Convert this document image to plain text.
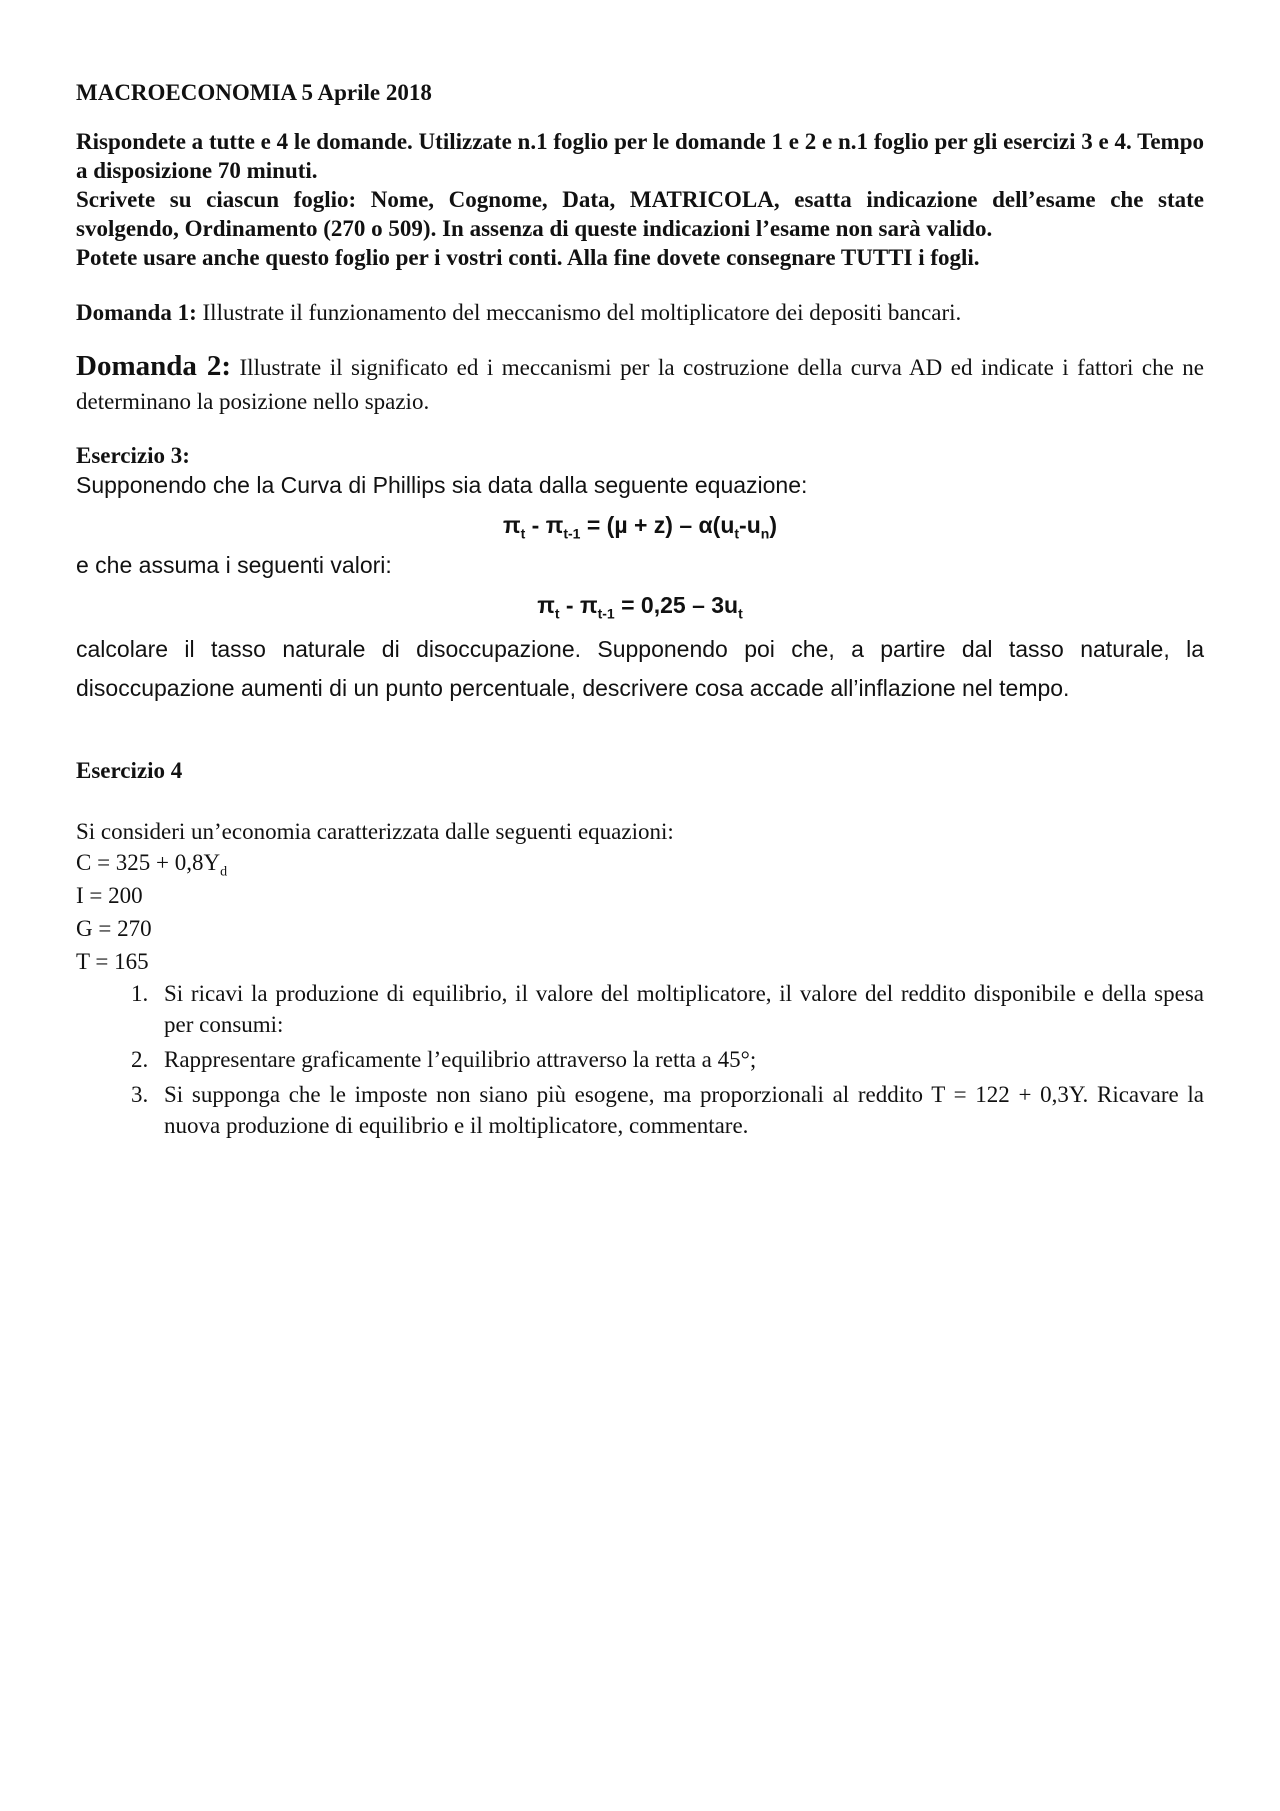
MACROECONOMIA 5 Aprile 2018

Rispondete a tutte e 4 le domande. Utilizzate n.1 foglio per le domande 1 e 2 e n.1 foglio per gli esercizi 3 e 4. Tempo a disposizione 70 minuti.

Scrivete su ciascun foglio: Nome, Cognome, Data, MATRICOLA, esatta indicazione dell’esame che state svolgendo, Ordinamento (270 o 509). In assenza di queste indicazioni l’esame non sarà valido.

Potete usare anche questo foglio per i vostri conti. Alla fine dovete consegnare TUTTI i fogli.

Domanda 1: Illustrate il funzionamento del meccanismo del moltiplicatore dei depositi bancari.
Domanda 2: Illustrate il significato ed i meccanismi per la costruzione della curva AD ed indicate i fattori che ne determinano la posizione nello spazio.
Esercizio 3:
Supponendo che la Curva di Phillips sia data dalla seguente equazione:
$\pi_t - \pi_{t-1} = (\mu + z) - \alpha(u_t-u_n)$
e che assuma i seguenti valori:
$\pi_t - \pi_{t-1} = 0,25 - 3u_t$
calcolare il tasso naturale di disoccupazione. Supponendo poi che, a partire dal tasso naturale, la disoccupazione aumenti di un punto percentuale, descrivere cosa accade all’inflazione nel tempo.
Esercizio 4
Si consideri un’economia caratterizzata dalle seguenti equazioni:
$C = 325 + 0,8Y_d$
I = 200
G = 270
T = 165
1. Si ricavi la produzione di equilibrio, il valore del moltiplicatore, il valore del reddito disponibile e della spesa per consumi:
2. Rappresentare graficamente l’equilibrio attraverso la retta a 45°;
3. Si supponga che le imposte non siano più esogene, ma proporzionali al reddito T = 122 + 0,3Y. Ricavare la nuova produzione di equilibrio e il moltiplicatore, commentare.
